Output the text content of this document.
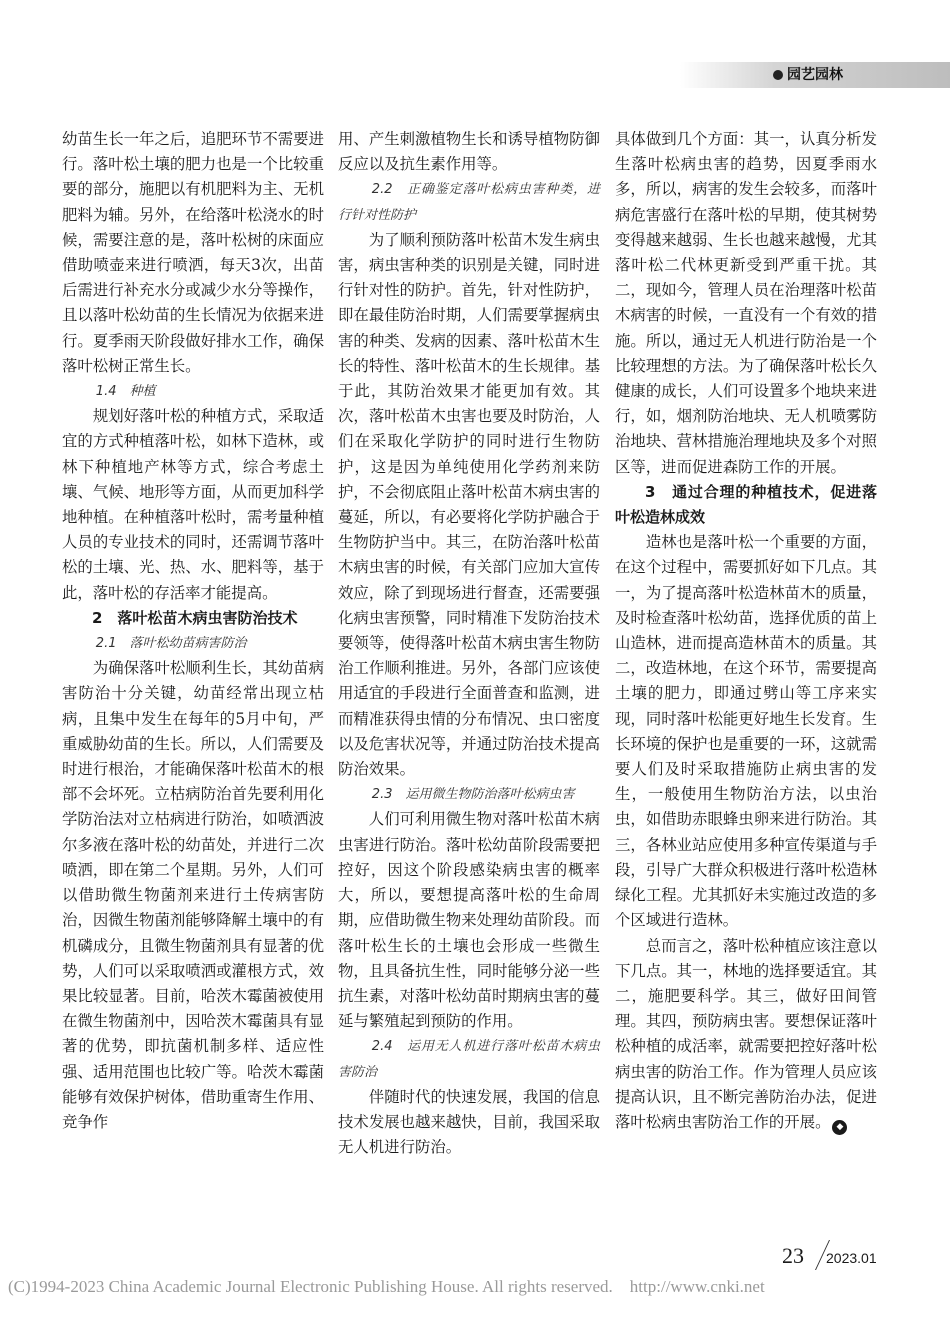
园艺园林

幼苗生长一年之后，追肥环节不需要进行。落叶松土壤的肥力也是一个比较重要的部分，施肥以有机肥料为主、无机肥料为辅。另外，在给落叶松浇水的时候，需要注意的是，落叶松树的床面应借助喷壶来进行喷洒，每天3次，出苗后需进行补充水分或减少水分等操作，且以落叶松幼苗的生长情况为依据来进行。夏季雨天阶段做好排水工作，确保落叶松树正常生长。

1.4　种植

规划好落叶松的种植方式，采取适宜的方式种植落叶松，如林下造林，或林下种植地产林等方式，综合考虑土壤、气候、地形等方面，从而更加科学地种植。在种植落叶松时，需考量种植人员的专业技术的同时，还需调节落叶松的土壤、光、热、水、肥料等，基于此，落叶松的存活率才能提高。

2　落叶松苗木病虫害防治技术

2.1　落叶松幼苗病害防治

为确保落叶松顺利生长，其幼苗病害防治十分关键，幼苗经常出现立枯病，且集中发生在每年的5月中旬，严重威胁幼苗的生长。所以，人们需要及时进行根治，才能确保落叶松苗木的根部不会坏死。立枯病防治首先要利用化学防治法对立枯病进行防治，如喷洒波尔多液在落叶松的幼苗处，并进行二次喷洒，即在第二个星期。另外，人们可以借助微生物菌剂来进行土传病害防治，因微生物菌剂能够降解土壤中的有机磷成分，且微生物菌剂具有显著的优势，人们可以采取喷洒或灌根方式，效果比较显著。目前，哈茨木霉菌被使用在微生物菌剂中，因哈茨木霉菌具有显著的优势，即抗菌机制多样、适应性强、适用范围也比较广等。哈茨木霉菌能够有效保护树体，借助重寄生作用、竞争作

用、产生刺激植物生长和诱导植物防御反应以及抗生素作用等。

2.2　正确鉴定落叶松病虫害种类，进行针对性防护

为了顺利预防落叶松苗木发生病虫害，病虫害种类的识别是关键，同时进行针对性的防护。首先，针对性防护，即在最佳防治时期，人们需要掌握病虫害的种类、发病的因素、落叶松苗木生长的特性、落叶松苗木的生长规律。基于此，其防治效果才能更加有效。其次，落叶松苗木虫害也要及时防治，人们在采取化学防护的同时进行生物防护，这是因为单纯使用化学药剂来防护，不会彻底阻止落叶松苗木病虫害的蔓延，所以，有必要将化学防护融合于生物防护当中。其三，在防治落叶松苗木病虫害的时候，有关部门应加大宣传效应，除了到现场进行督查，还需要强化病虫害预警，同时精准下发防治技术要领等，使得落叶松苗木病虫害生物防治工作顺利推进。另外，各部门应该使用适宜的手段进行全面普查和监测，进而精准获得虫情的分布情况、虫口密度以及危害状况等，并通过防治技术提高防治效果。

2.3　运用微生物防治落叶松病虫害

人们可利用微生物对落叶松苗木病虫害进行防治。落叶松幼苗阶段需要把控好，因这个阶段感染病虫害的概率大，所以，要想提高落叶松的生命周期，应借助微生物来处理幼苗阶段。而落叶松生长的土壤也会形成一些微生物，且具备抗生性，同时能够分泌一些抗生素，对落叶松幼苗时期病虫害的蔓延与繁殖起到预防的作用。

2.4　运用无人机进行落叶松苗木病虫害防治

伴随时代的快速发展，我国的信息技术发展也越来越快，目前，我国采取无人机进行防治。

具体做到几个方面：其一，认真分析发生落叶松病虫害的趋势，因夏季雨水多，所以，病害的发生会较多，而落叶病危害盛行在落叶松的早期，使其树势变得越来越弱、生长也越来越慢，尤其落叶松二代林更新受到严重干扰。其二，现如今，管理人员在治理落叶松苗木病害的时候，一直没有一个有效的措施。所以，通过无人机进行防治是一个比较理想的方法。为了确保落叶松长久健康的成长，人们可设置多个地块来进行，如，烟剂防治地块、无人机喷雾防治地块、营林措施治理地块及多个对照区等，进而促进森防工作的开展。

3　通过合理的种植技术，促进落叶松造林成效

造林也是落叶松一个重要的方面，在这个过程中，需要抓好如下几点。其一，为了提高落叶松造林苗木的质量，及时检查落叶松幼苗，选择优质的苗上山造林，进而提高造林苗木的质量。其二，改造林地，在这个环节，需要提高土壤的肥力，即通过劈山等工序来实现，同时落叶松能更好地生长发育。生长环境的保护也是重要的一环，这就需要人们及时采取措施防止病虫害的发生，一般使用生物防治方法，以虫治虫，如借助赤眼蜂虫卵来进行防治。其三，各林业站应使用多种宣传渠道与手段，引导广大群众积极进行落叶松造林绿化工程。尤其抓好未实施过改造的多个区域进行造林。

总而言之，落叶松种植应该注意以下几点。其一，林地的选择要适宜。其二，施肥要科学。其三，做好田间管理。其四，预防病虫害。要想保证落叶松种植的成活率，就需要把控好落叶松病虫害的防治工作。作为管理人员应该提高认识，且不断完善防治办法，促进落叶松病虫害防治工作的开展。 ◆

23 2023.01
(C)1994-2023 China Academic Journal Electronic Publishing House. All rights reserved.　http://www.cnki.net
